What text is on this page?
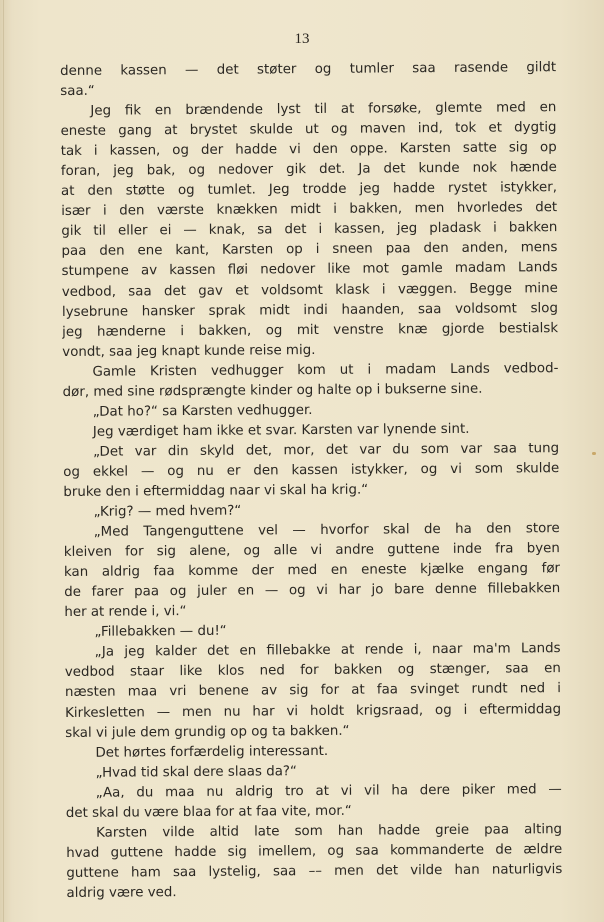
13
denne kassen — det støter og tumler saa rasende gildt
saa.“
Jeg fik en brændende lyst til at forsøke, glemte med en
eneste gang at brystet skulde ut og maven ind, tok et dygtig
tak i kassen, og der hadde vi den oppe. Karsten satte sig op
foran, jeg bak, og nedover gik det. Ja det kunde nok hænde
at den støtte og tumlet. Jeg trodde jeg hadde rystet istykker,
især i den værste knækken midt i bakken, men hvorledes det
gik til eller ei — knak, sa det i kassen, jeg pladask i bakken
paa den ene kant, Karsten op i sneen paa den anden, mens
stumpene av kassen fløi nedover like mot gamle madam Lands
vedbod, saa det gav et voldsomt klask i væggen. Begge mine
lysebrune hansker sprak midt indi haanden, saa voldsomt slog
jeg hænderne i bakken, og mit venstre knæ gjorde bestialsk
vondt, saa jeg knapt kunde reise mig.
Gamle Kristen vedhugger kom ut i madam Lands vedbod-
dør, med sine rødsprængte kinder og halte op i bukserne sine.
„Dat ho?“ sa Karsten vedhugger.
Jeg værdiget ham ikke et svar. Karsten var lynende sint.
„Det var din skyld det, mor, det var du som var saa tung
og ekkel — og nu er den kassen istykker, og vi som skulde
bruke den i eftermiddag naar vi skal ha krig.“
„Krig? — med hvem?“
„Med Tangenguttene vel — hvorfor skal de ha den store
kleiven for sig alene, og alle vi andre guttene inde fra byen
kan aldrig faa komme der med en eneste kjælke engang før
de farer paa og juler en — og vi har jo bare denne fillebakken
her at rende i, vi.“
„Fillebakken — du!“
„Ja jeg kalder det en fillebakke at rende i, naar ma'm Lands
vedbod staar like klos ned for bakken og stænger, saa en
næsten maa vri benene av sig for at faa svinget rundt ned i
Kirkesletten — men nu har vi holdt krigsraad, og i eftermiddag
skal vi jule dem grundig op og ta bakken.“
Det hørtes forfærdelig interessant.
„Hvad tid skal dere slaas da?“
„Aa, du maa nu aldrig tro at vi vil ha dere piker med —
det skal du være blaa for at faa vite, mor.“
Karsten vilde altid late som han hadde greie paa alting
hvad guttene hadde sig imellem, og saa kommanderte de ældre
guttene ham saa lystelig, saa –– men det vilde han naturligvis
aldrig være ved.
